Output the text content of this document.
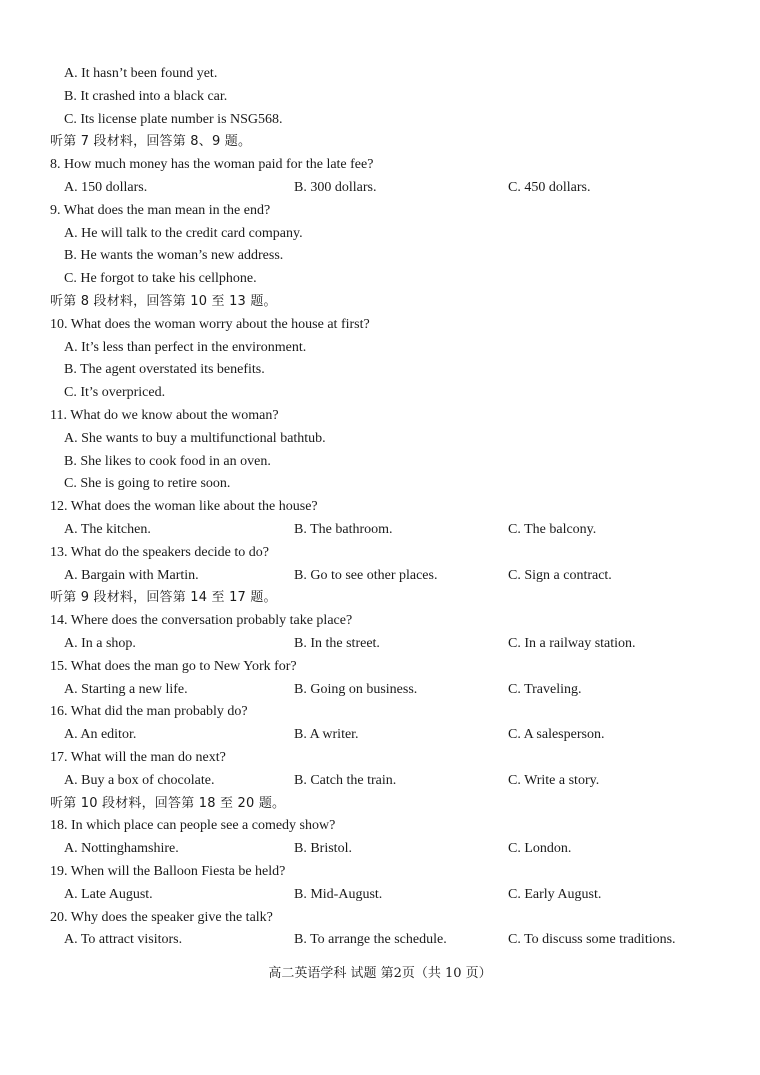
A. It hasn’t been found yet.
B. It crashed into a black car.
C. Its license plate number is NSG568.
听第 7 段材料，回答第 8、9 题。
8. How much money has the woman paid for the late fee?
A. 150 dollars.	B. 300 dollars.	C. 450 dollars.
9. What does the man mean in the end?
A. He will talk to the credit card company.
B. He wants the woman’s new address.
C. He forgot to take his cellphone.
听第 8 段材料，回答第 10 至 13 题。
10. What does the woman worry about the house at first?
A. It’s less than perfect in the environment.
B. The agent overstated its benefits.
C. It’s overpriced.
11. What do we know about the woman?
A. She wants to buy a multifunctional bathtub.
B. She likes to cook food in an oven.
C. She is going to retire soon.
12. What does the woman like about the house?
A. The kitchen.	B. The bathroom.	C. The balcony.
13. What do the speakers decide to do?
A. Bargain with Martin.	B. Go to see other places.	C. Sign a contract.
听第 9 段材料，回答第 14 至 17 题。
14. Where does the conversation probably take place?
A. In a shop.	B. In the street.	C. In a railway station.
15. What does the man go to New York for?
A. Starting a new life.	B. Going on business.	C. Traveling.
16. What did the man probably do?
A. An editor.	B. A writer.	C. A salesperson.
17. What will the man do next?
A. Buy a box of chocolate.	B. Catch the train.	C. Write a story.
听第 10 段材料，回答第 18 至 20 题。
18. In which place can people see a comedy show?
A. Nottinghamshire.	B. Bristol.	C. London.
19. When will the Balloon Fiesta be held?
A. Late August.	B. Mid-August.	C. Early August.
20. Why does the speaker give the talk?
A. To attract visitors.	B. To arrange the schedule.	C. To discuss some traditions.
高二英语学科 试题 第2页（共 10 页）
